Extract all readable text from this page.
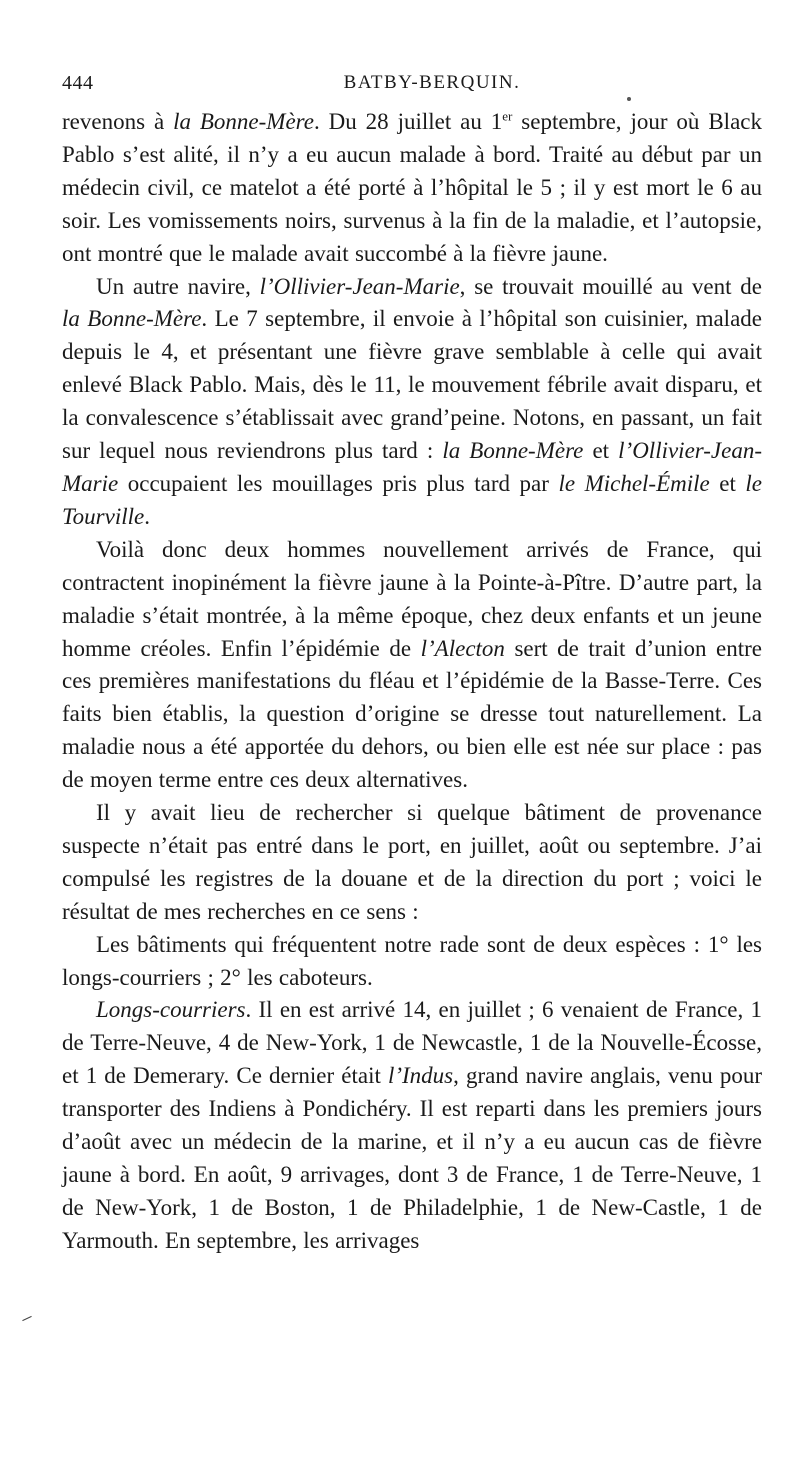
444	BATBY-BERQUIN.

revenons à la Bonne-Mère. Du 28 juillet au 1er septembre, jour où Black Pablo s’est alité, il n’y a eu aucun malade à bord. Traité au début par un médecin civil, ce matelot a été porté à l’hôpital le 5 ; il y est mort le 6 au soir. Les vomissements noirs, survenus à la fin de la maladie, et l’autopsie, ont montré que le malade avait succombé à la fièvre jaune.

Un autre navire, l’Ollivier-Jean-Marie, se trouvait mouillé au vent de la Bonne-Mère. Le 7 septembre, il envoie à l’hôpital son cuisinier, malade depuis le 4, et présentant une fièvre grave semblable à celle qui avait enlevé Black Pablo. Mais, dès le 11, le mouvement fébrile avait disparu, et la convalescence s’établissait avec grand’peine. Notons, en passant, un fait sur lequel nous reviendrons plus tard : la Bonne-Mère et l’Ollivier-Jean-Marie occupaient les mouillages pris plus tard par le Michel-Émile et le Tourville.

Voilà donc deux hommes nouvellement arrivés de France, qui contractent inopinément la fièvre jaune à la Pointe-à-Pître. D’autre part, la maladie s’était montrée, à la même époque, chez deux enfants et un jeune homme créoles. Enfin l’épidémie de l’Alecton sert de trait d’union entre ces premières manifestations du fléau et l’épidémie de la Basse-Terre. Ces faits bien établis, la question d’origine se dresse tout naturellement. La maladie nous a été apportée du dehors, ou bien elle est née sur place : pas de moyen terme entre ces deux alternatives.

Il y avait lieu de rechercher si quelque bâtiment de provenance suspecte n’était pas entré dans le port, en juillet, août ou septembre. J’ai compulsé les registres de la douane et de la direction du port ; voici le résultat de mes recherches en ce sens :

Les bâtiments qui fréquentent notre rade sont de deux espèces : 1° les longs-courriers ; 2° les caboteurs.

Longs-courriers. Il en est arrivé 14, en juillet ; 6 venaient de France, 1 de Terre-Neuve, 4 de New-York, 1 de Newcastle, 1 de la Nouvelle-Écosse, et 1 de Demerary. Ce dernier était l’Indus, grand navire anglais, venu pour transporter des Indiens à Pondichéry. Il est reparti dans les premiers jours d’août avec un médecin de la marine, et il n’y a eu aucun cas de fièvre jaune à bord. En août, 9 arrivages, dont 3 de France, 1 de Terre-Neuve, 1 de New-York, 1 de Boston, 1 de Philadelphie, 1 de New-Castle, 1 de Yarmouth. En septembre, les arrivages
